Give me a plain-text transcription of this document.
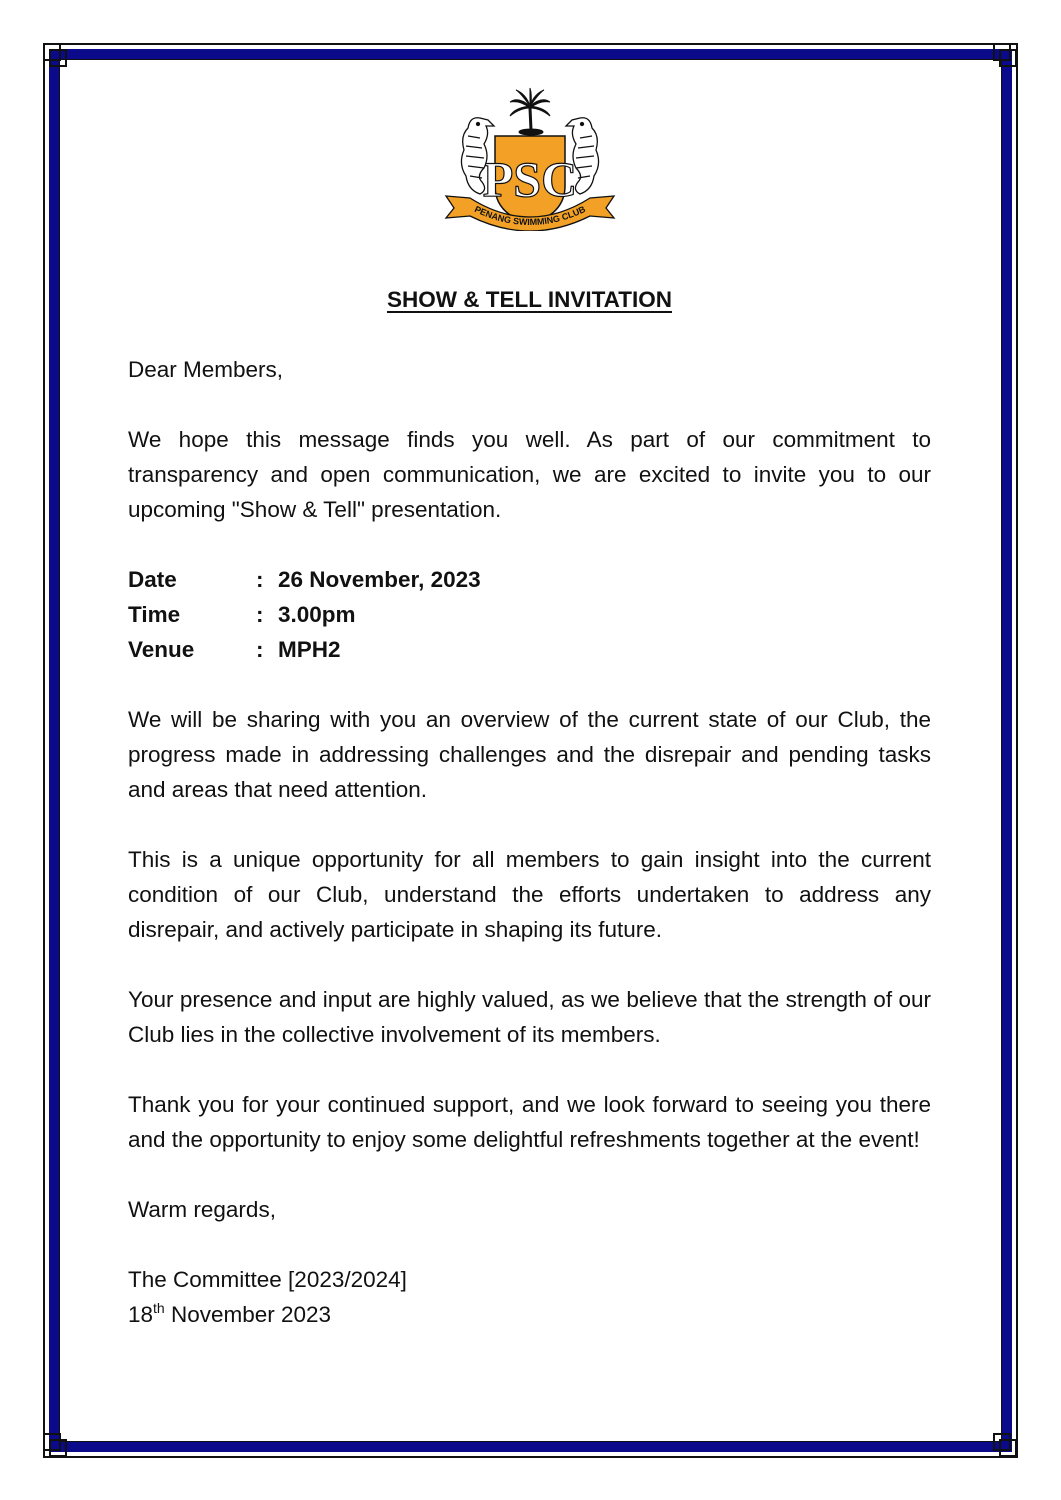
PSC
PENANG SWIMMING CLUB
SHOW & TELL INVITATION

Dear Members,

We hope this message finds you well. As part of our commitment to transparency and open communication, we are excited to invite you to our upcoming "Show & Tell" presentation.

Date	: 26 November, 2023
Time	: 3.00pm
Venue	: MPH2

We will be sharing with you an overview of the current state of our Club, the progress made in addressing challenges and the disrepair and pending tasks and areas that need attention.

This is a unique opportunity for all members to gain insight into the current condition of our Club, understand the efforts undertaken to address any disrepair, and actively participate in shaping its future.

Your presence and input are highly valued, as we believe that the strength of our Club lies in the collective involvement of its members.

Thank you for your continued support, and we look forward to seeing you there and the opportunity to enjoy some delightful refreshments together at the event!

Warm regards,

The Committee [2023/2024]

18th November 2023
